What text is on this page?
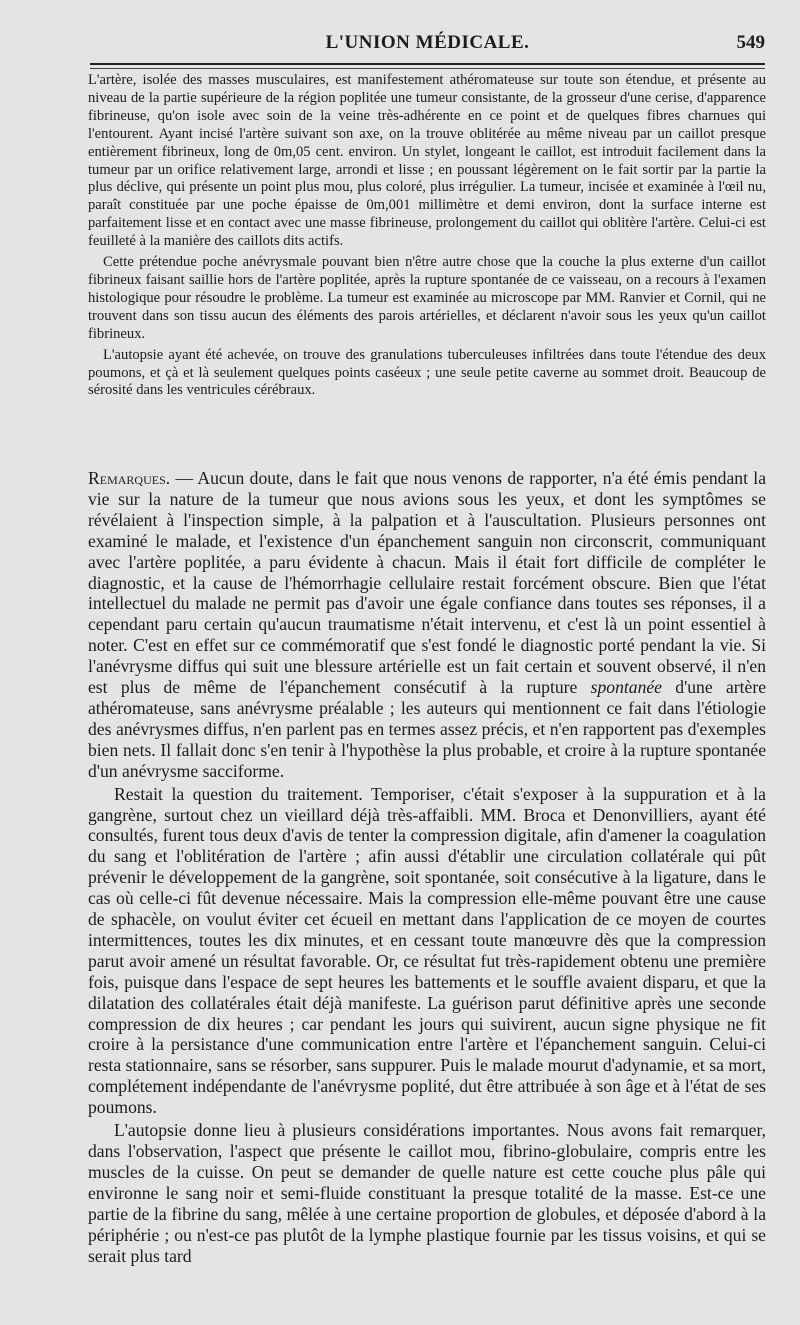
L'UNION MÉDICALE.	549

L'artère, isolée des masses musculaires, est manifestement athéromateuse sur toute son étendue, et présente au niveau de la partie supérieure de la région poplitée une tumeur consistante, de la grosseur d'une cerise, d'apparence fibrineuse, qu'on isole avec soin de la veine très-adhérente en ce point et de quelques fibres charnues qui l'entourent. Ayant incisé l'artère suivant son axe, on la trouve oblitérée au même niveau par un caillot presque entièrement fibrineux, long de 0m,05 cent. environ. Un stylet, longeant le caillot, est introduit facilement dans la tumeur par un orifice relativement large, arrondi et lisse ; en poussant légèrement on le fait sortir par la partie la plus déclive, qui présente un point plus mou, plus coloré, plus irrégulier. La tumeur, incisée et examinée à l'œil nu, paraît constituée par une poche épaisse de 0m,001 millimètre et demi environ, dont la surface interne est parfaitement lisse et en contact avec une masse fibrineuse, prolongement du caillot qui oblitère l'artère. Celui-ci est feuilleté à la manière des caillots dits actifs.

Cette prétendue poche anévrysmale pouvant bien n'être autre chose que la couche la plus externe d'un caillot fibrineux faisant saillie hors de l'artère poplitée, après la rupture spontanée de ce vaisseau, on a recours à l'examen histologique pour résoudre le problème. La tumeur est examinée au microscope par MM. Ranvier et Cornil, qui ne trouvent dans son tissu aucun des éléments des parois artérielles, et déclarent n'avoir sous les yeux qu'un caillot fibrineux.

L'autopsie ayant été achevée, on trouve des granulations tuberculeuses infiltrées dans toute l'étendue des deux poumons, et çà et là seulement quelques points caséeux ; une seule petite caverne au sommet droit. Beaucoup de sérosité dans les ventricules cérébraux.

Remarques. — Aucun doute, dans le fait que nous venons de rapporter, n'a été émis pendant la vie sur la nature de la tumeur que nous avions sous les yeux, et dont les symptômes se révélaient à l'inspection simple, à la palpation et à l'auscultation. Plusieurs personnes ont examiné le malade, et l'existence d'un épanchement sanguin non circonscrit, communiquant avec l'artère poplitée, a paru évidente à chacun. Mais il était fort difficile de compléter le diagnostic, et la cause de l'hémorrhagie cellulaire restait forcément obscure. Bien que l'état intellectuel du malade ne permit pas d'avoir une égale confiance dans toutes ses réponses, il a cependant paru certain qu'aucun traumatisme n'était intervenu, et c'est là un point essentiel à noter. C'est en effet sur ce commémoratif que s'est fondé le diagnostic porté pendant la vie. Si l'anévrysme diffus qui suit une blessure artérielle est un fait certain et souvent observé, il n'en est plus de même de l'épanchement consécutif à la rupture spontanée d'une artère athéromateuse, sans anévrysme préalable ; les auteurs qui mentionnent ce fait dans l'étiologie des anévrysmes diffus, n'en parlent pas en termes assez précis, et n'en rapportent pas d'exemples bien nets. Il fallait donc s'en tenir à l'hypothèse la plus probable, et croire à la rupture spontanée d'un anévrysme sacciforme.

Restait la question du traitement. Temporiser, c'était s'exposer à la suppuration et à la gangrène, surtout chez un vieillard déjà très-affaibli. MM. Broca et Denonvilliers, ayant été consultés, furent tous deux d'avis de tenter la compression digitale, afin d'amener la coagulation du sang et l'oblitération de l'artère ; afin aussi d'établir une circulation collatérale qui pût prévenir le développement de la gangrène, soit spontanée, soit consécutive à la ligature, dans le cas où celle-ci fût devenue nécessaire. Mais la compression elle-même pouvant être une cause de sphacèle, on voulut éviter cet écueil en mettant dans l'application de ce moyen de courtes intermittences, toutes les dix minutes, et en cessant toute manœuvre dès que la compression parut avoir amené un résultat favorable. Or, ce résultat fut très-rapidement obtenu une première fois, puisque dans l'espace de sept heures les battements et le souffle avaient disparu, et que la dilatation des collatérales était déjà manifeste. La guérison parut définitive après une seconde compression de dix heures ; car pendant les jours qui suivirent, aucun signe physique ne fit croire à la persistance d'une communication entre l'artère et l'épanchement sanguin. Celui-ci resta stationnaire, sans se résorber, sans suppurer. Puis le malade mourut d'adynamie, et sa mort, complétement indépendante de l'anévrysme poplité, dut être attribuée à son âge et à l'état de ses poumons.

L'autopsie donne lieu à plusieurs considérations importantes. Nous avons fait remarquer, dans l'observation, l'aspect que présente le caillot mou, fibrino-globulaire, compris entre les muscles de la cuisse. On peut se demander de quelle nature est cette couche plus pâle qui environne le sang noir et semi-fluide constituant la presque totalité de la masse. Est-ce une partie de la fibrine du sang, mêlée à une certaine proportion de globules, et déposée d'abord à la périphérie ; ou n'est-ce pas plutôt de la lymphe plastique fournie par les tissus voisins, et qui se serait plus tard
